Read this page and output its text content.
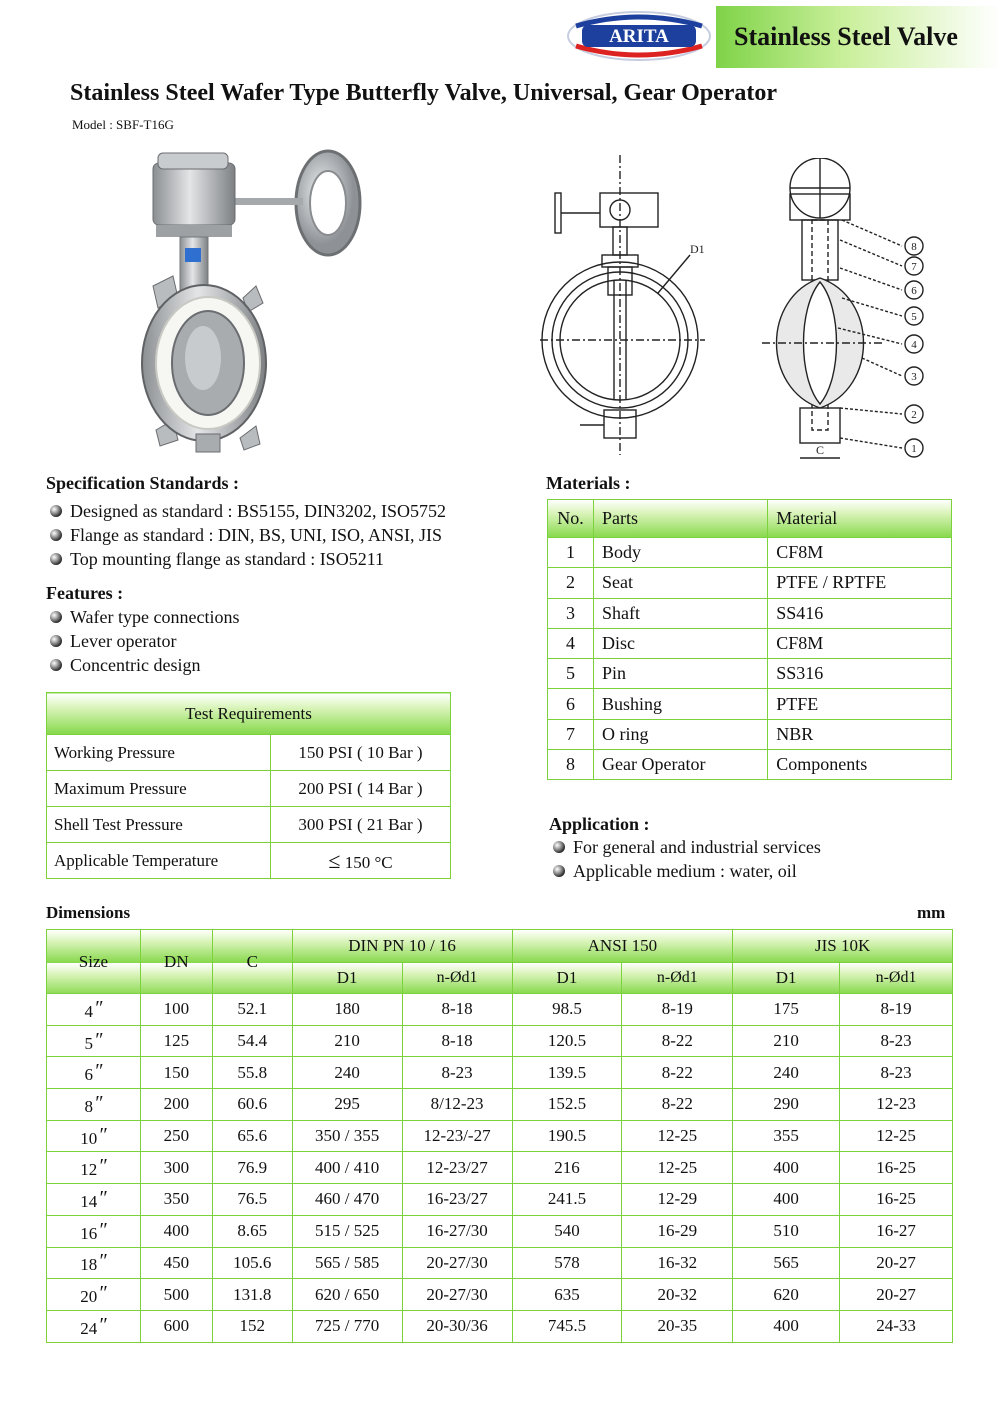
ARITA	Stainless Steel Valve
Stainless Steel Wafer Type Butterfly Valve, Universal, Gear Operator
Model : SBF-T16G
D1
C
8
7
6
5
4
3
2
1
Specification Standards :
Designed as standard : BS5155, DIN3202, ISO5752
Flange as standard : DIN, BS, UNI, ISO, ANSI, JIS
Top mounting flange as standard : ISO5211
Features :
Wafer type connections
Lever operator
Concentric design
Test Requirements	
Working Pressure	150 PSI ( 10 Bar )
Maximum Pressure	200 PSI ( 14 Bar )
Shell Test Pressure	300 PSI ( 21 Bar )
Applicable Temperature	≤ 150 °C
Materials :
No.	Parts	Material
1	Body	CF8M
2	Seat	PTFE / RPTFE
3	Shaft	SS416
4	Disc	CF8M
5	Pin	SS316
6	Bushing	PTFE
7	O ring	NBR
8	Gear Operator	Components
Application :
For general and industrial services
Applicable medium : water, oil
Dimensions	mm
Size	DN	C	DIN PN 10 / 16		ANSI 150		JIS 10K	
			D1	n-Ød1	D1	n-Ød1	D1	n-Ød1
4″	100	52.1	180	8-18	98.5	8-19	175	8-19
5″	125	54.4	210	8-18	120.5	8-22	210	8-23
6″	150	55.8	240	8-23	139.5	8-22	240	8-23
8″	200	60.6	295	8/12-23	152.5	8-22	290	12-23
10″	250	65.6	350 / 355	12-23/-27	190.5	12-25	355	12-25
12″	300	76.9	400 / 410	12-23/27	216	12-25	400	16-25
14″	350	76.5	460 / 470	16-23/27	241.5	12-29	400	16-25
16″	400	8.65	515 / 525	16-27/30	540	16-29	510	16-27
18″	450	105.6	565 / 585	20-27/30	578	16-32	565	20-27
20″	500	131.8	620 / 650	20-27/30	635	20-32	620	20-27
24″	600	152	725 / 770	20-30/36	745.5	20-35	400	24-33
